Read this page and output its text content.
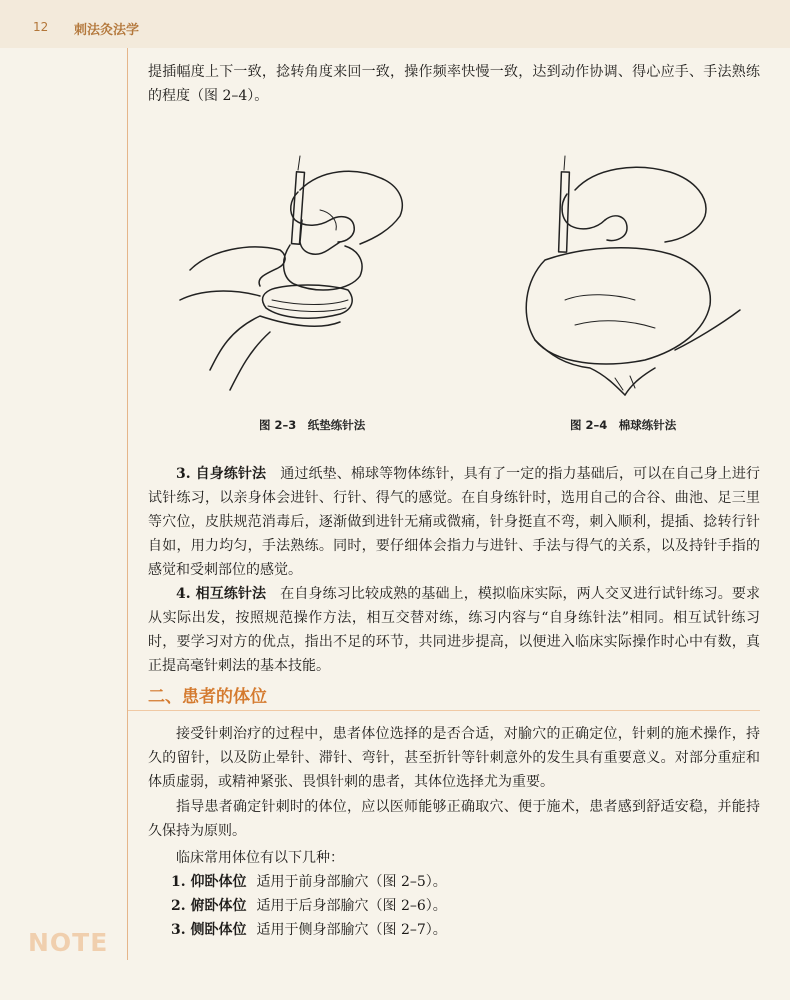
12 刺法灸法学
NOTE

提插幅度上下一致，捻转角度来回一致，操作频率快慢一致，达到动作协调、得心应手、手法熟练的程度（图 2–4）。

图 2–3　纸垫练针法	图 2–4　棉球练针法

3. 自身练针法　 通过纸垫、棉球等物体练针，具有了一定的指力基础后，可以在自己身上进行试针练习，以亲身体会进针、行针、得气的感觉。在自身练针时，选用自己的合谷、曲池、足三里等穴位，皮肤规范消毒后，逐渐做到进针无痛或微痛，针身挺直不弯，刺入顺利，提插、捻转行针自如，用力均匀，手法熟练。同时，要仔细体会指力与进针、手法与得气的关系，以及持针手指的感觉和受刺部位的感觉。

4. 相互练针法　 在自身练习比较成熟的基础上，模拟临床实际，两人交叉进行试针练习。要求从实际出发，按照规范操作方法，相互交替对练，练习内容与“自身练针法”相同。相互试针练习时，要学习对方的优点，指出不足的环节，共同进步提高，以便进入临床实际操作时心中有数，真正提高毫针刺法的基本技能。

二、患者的体位

接受针刺治疗的过程中，患者体位选择的是否合适，对腧穴的正确定位，针刺的施术操作，持久的留针，以及防止晕针、滞针、弯针，甚至折针等针刺意外的发生具有重要意义。对部分重症和体质虚弱，或精神紧张、畏惧针刺的患者，其体位选择尤为重要。

指导患者确定针刺时的体位，应以医师能够正确取穴、便于施术，患者感到舒适安稳，并能持久保持为原则。

临床常用体位有以下几种：

1. 仰卧体位 适用于前身部腧穴（图 2–5）。
2. 俯卧体位 适用于后身部腧穴（图 2–6）。
3. 侧卧体位 适用于侧身部腧穴（图 2–7）。
